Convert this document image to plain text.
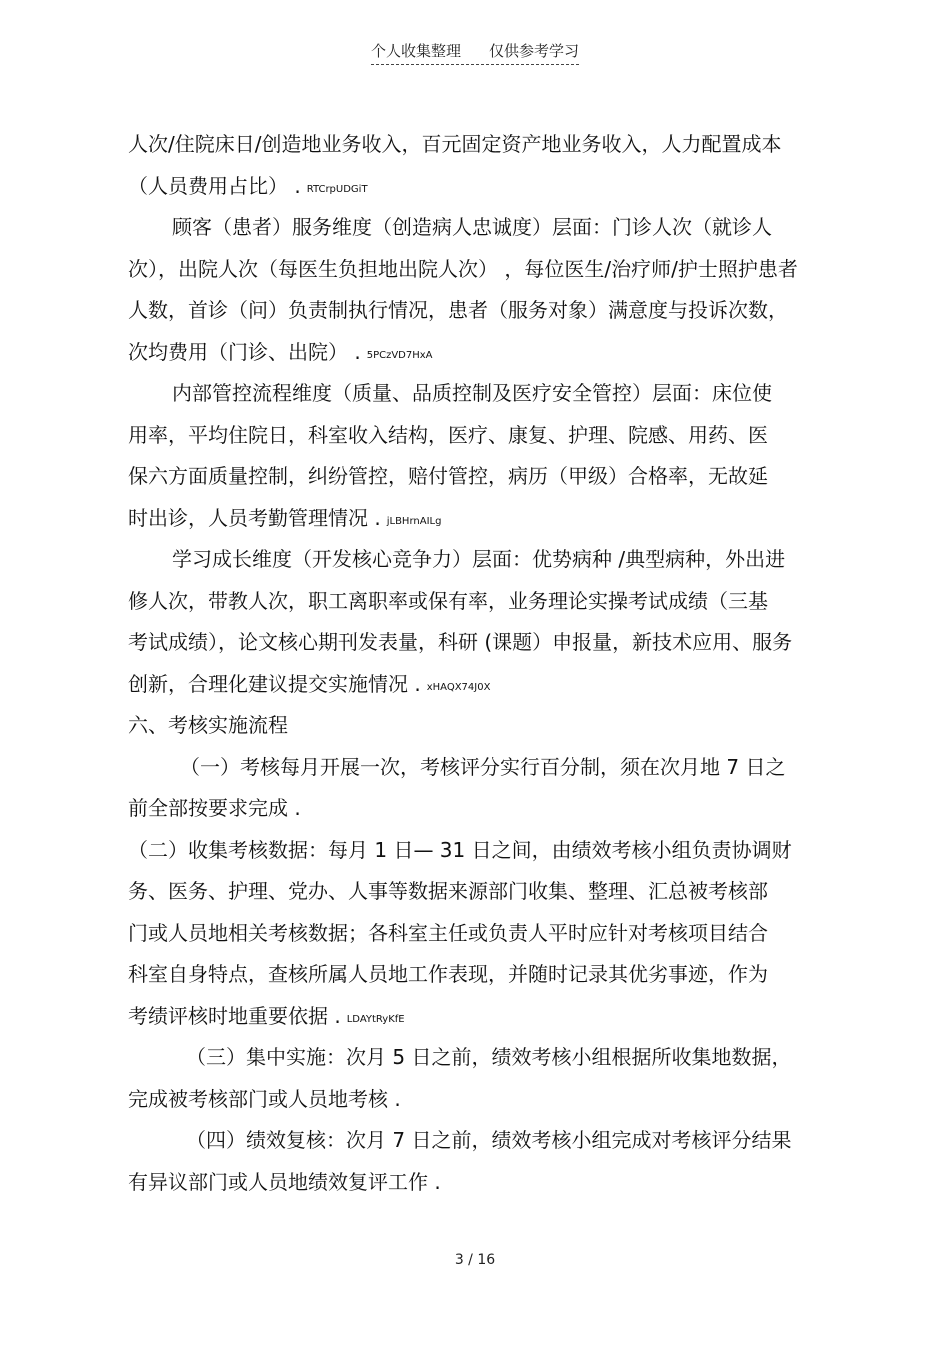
个人收集整理 仅供参考学习
人次/住院床日/创造地业务收入，百元固定资产地业务收入，人力配置成本
（人员费用占比） . RTCrpUDGiT
顾客（患者）服务维度（创造病人忠诚度）层面：门诊人次（就诊人
次），出院人次（每医生负担地出院人次） ，每位医生/治疗师/护士照护患者
人数，首诊（问）负责制执行情况，患者（服务对象）满意度与投诉次数，
次均费用（门诊、出院） . 5PCzVD7HxA
内部管控流程维度（质量、品质控制及医疗安全管控）层面：床位使
用率，平均住院日，科室收入结构，医疗、康复、护理、院感、用药、医
保六方面质量控制，纠纷管控，赔付管控，病历（甲级）合格率，无故延
时出诊，人员考勤管理情况 . jLBHrnAILg
学习成长维度（开发核心竞争力）层面：优势病种 /典型病种，外出进
修人次，带教人次，职工离职率或保有率，业务理论实操考试成绩（三基
考试成绩），论文核心期刊发表量，科研 (课题）申报量，新技术应用、服务
创新，合理化建议提交实施情况 . xHAQX74J0X
六、考核实施流程
（一）考核每月开展一次，考核评分实行百分制，须在次月地 7 日之
前全部按要求完成 .
（二）收集考核数据：每月 1 日— 31 日之间，由绩效考核小组负责协调财
务、医务、护理、党办、人事等数据来源部门收集、整理、汇总被考核部
门或人员地相关考核数据；各科室主任或负责人平时应针对考核项目结合
科室自身特点，查核所属人员地工作表现，并随时记录其优劣事迹，作为
考绩评核时地重要依据 . LDAYtRyKfE
（三）集中实施：次月 5 日之前，绩效考核小组根据所收集地数据，
完成被考核部门或人员地考核 .
（四）绩效复核：次月 7 日之前，绩效考核小组完成对考核评分结果
有异议部门或人员地绩效复评工作 .
3 / 16
